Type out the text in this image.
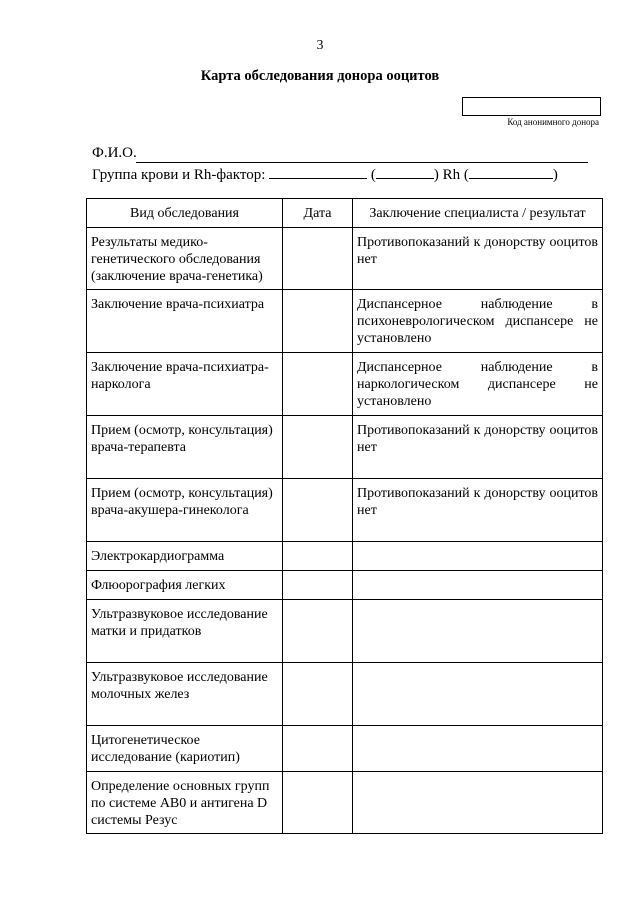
3
Карта обследования донора ооцитов
Код анонимного донора
Ф.И.О.
Группа крови и Rh-фактор:	(	) Rh (	)
Вид обследования	Дата	Заключение специалиста / результат
Результаты медико-генетического обследования (заключение врача-генетика)		Противопоказаний к донорству ооцитов нет
Заключение врача-психиатра		Диспансерное наблюдение в психоневрологическом диспансере не установлено
Заключение врача-психиатра-нарколога		Диспансерное наблюдение в наркологическом диспансере не установлено
Прием (осмотр, консультация) врача-терапевта		Противопоказаний к донорству ооцитов нет
Прием (осмотр, консультация) врача-акушера-гинеколога		Противопоказаний к донорству ооцитов нет
Электрокардиограмма		
Флюорография легких		
Ультразвуковое исследование матки и придатков		
Ультразвуковое исследование молочных желез		
Цитогенетическое исследование (кариотип)		
Определение основных групп по системе AB0 и антигена D системы Резус		
